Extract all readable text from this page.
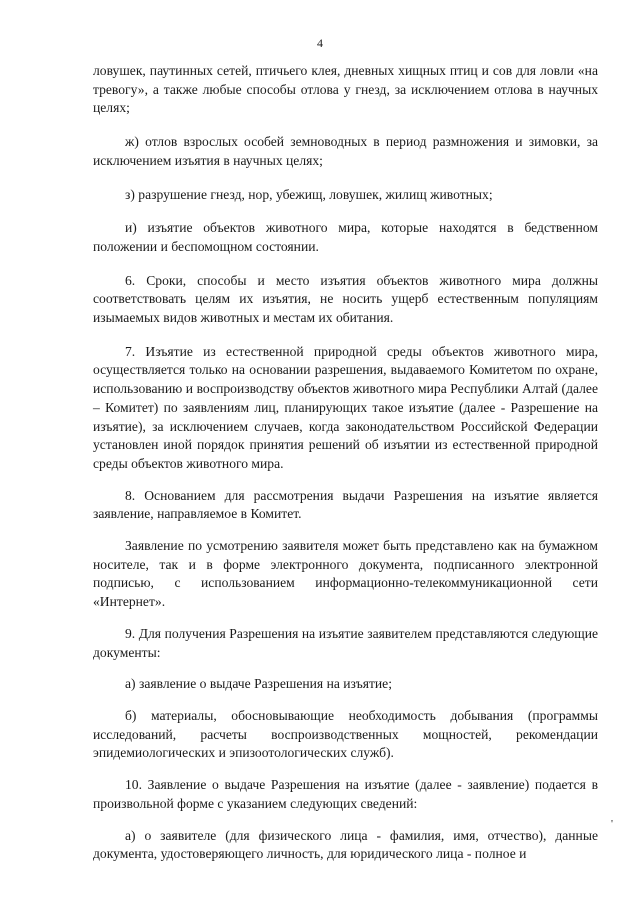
4

ловушек, паутинных сетей, птичьего клея, дневных хищных птиц и сов для ловли «на тревогу», а также любые способы отлова у гнезд, за исключением отлова в научных целях;

ж) отлов взрослых особей земноводных в период размножения и зимовки, за исключением изъятия в научных целях;

з) разрушение гнезд, нор, убежищ, ловушек, жилищ животных;

и) изъятие объектов животного мира, которые находятся в бедственном положении и беспомощном состоянии.

6. Сроки, способы и место изъятия объектов животного мира должны соответствовать целям их изъятия, не носить ущерб естественным популяциям изымаемых видов животных и местам их обитания.

7. Изъятие из естественной природной среды объектов животного мира, осуществляется только на основании разрешения, выдаваемого Комитетом по охране, использованию и воспроизводству объектов животного мира Республики Алтай (далее – Комитет) по заявлениям лиц, планирующих такое изъятие (далее - Разрешение на изъятие), за исключением случаев, когда законодательством Российской Федерации установлен иной порядок принятия решений об изъятии из естественной природной среды объектов животного мира.

8. Основанием для рассмотрения выдачи Разрешения на изъятие является заявление, направляемое в Комитет.

Заявление по усмотрению заявителя может быть представлено как на бумажном носителе, так и в форме электронного документа, подписанного электронной подписью, с использованием информационно-телекоммуникационной сети «Интернет».

9. Для получения Разрешения на изъятие заявителем представляются следующие документы:

а) заявление о выдаче Разрешения на изъятие;

б) материалы, обосновывающие необходимость добывания (программы исследований, расчеты воспроизводственных мощностей, рекомендации эпидемиологических и эпизоотологических служб).

10. Заявление о выдаче Разрешения на изъятие (далее - заявление) подается в произвольной форме с указанием следующих сведений:

а) о заявителе (для физического лица - фамилия, имя, отчество), данные документа, удостоверяющего личность, для юридического лица - полное и

'
